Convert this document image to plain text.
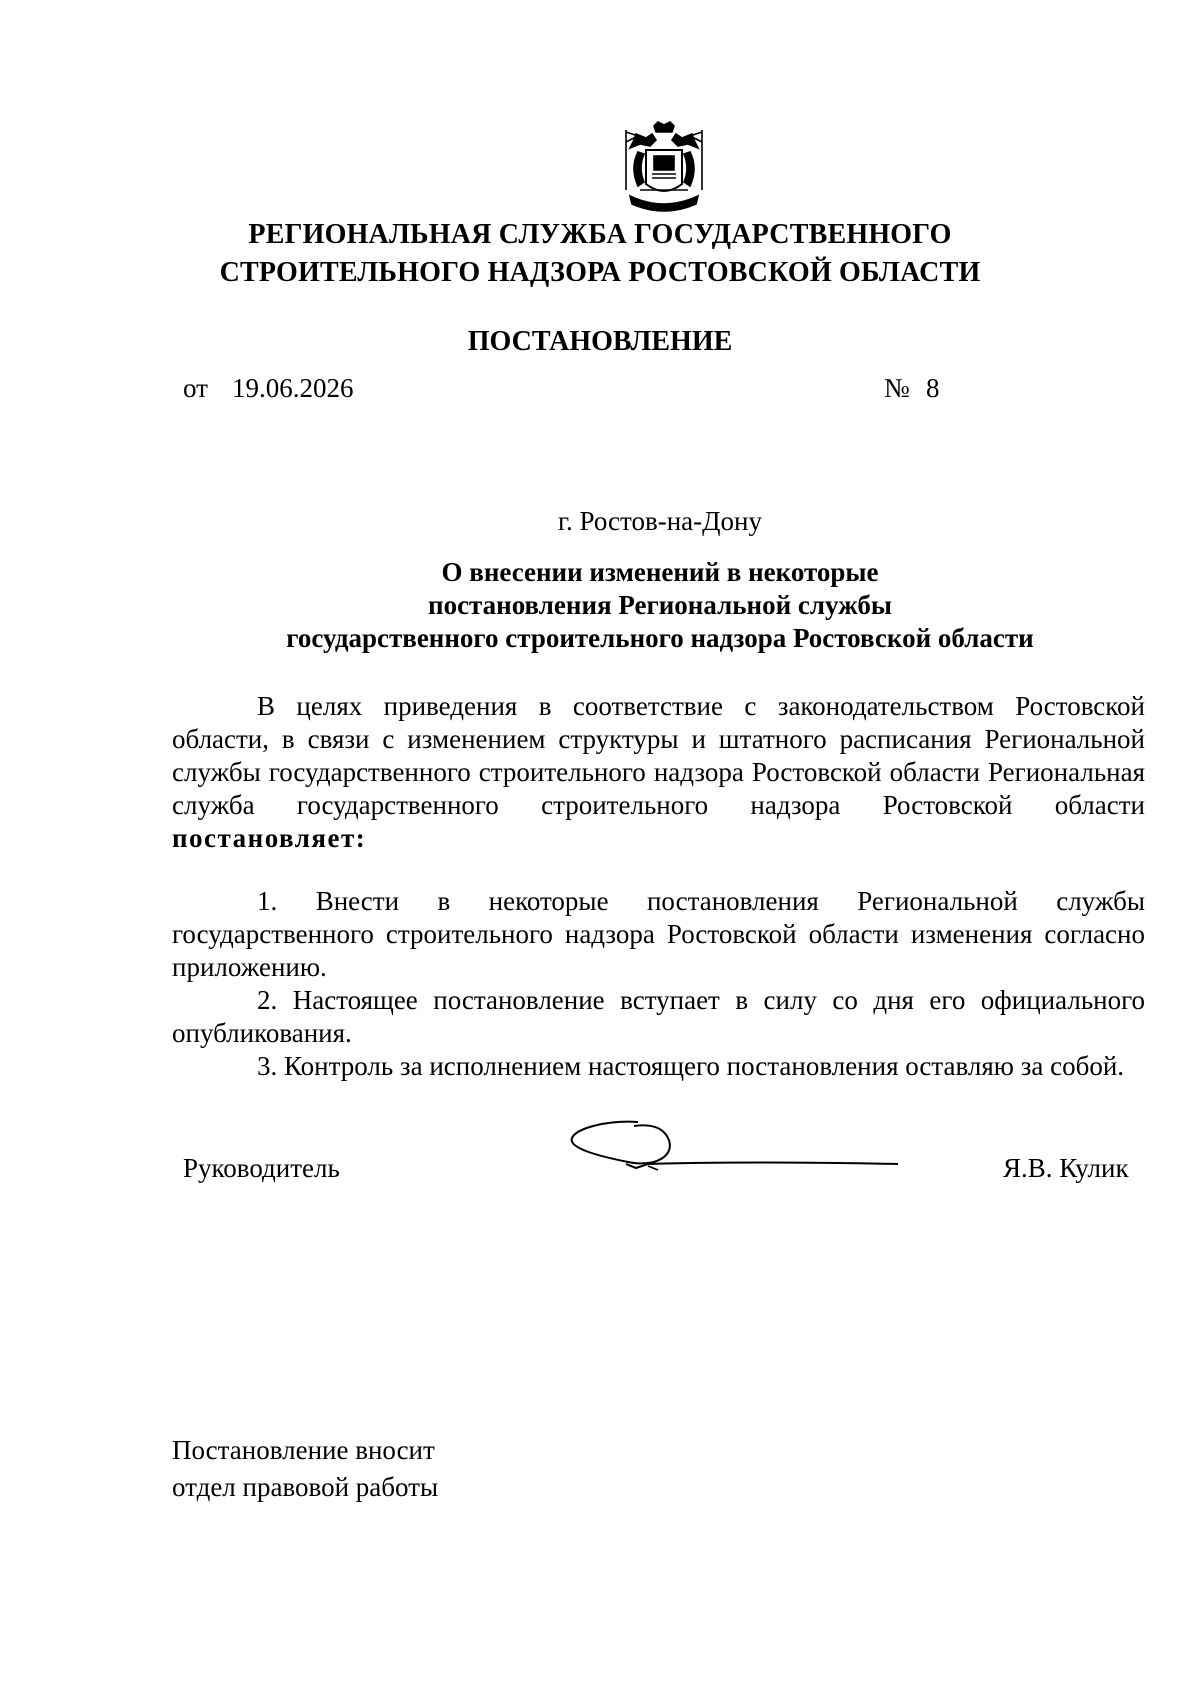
РЕГИОНАЛЬНАЯ СЛУЖБА ГОСУДАРСТВЕННОГО
СТРОИТЕЛЬНОГО НАДЗОРА РОСТОВСКОЙ ОБЛАСТИ
ПОСТАНОВЛЕНИЕ
от 19.06.2026	№ 8
г. Ростов-на-Дону
О внесении изменений в некоторые
постановления Региональной службы
государственного строительного надзора Ростовской области

В целях приведения в соответствие с законодательством Ростовской области, в связи с изменением структуры и штатного расписания Региональной службы государственного строительного надзора Ростовской области Региональная служба государственного строительного надзора Ростовской области постановляет:

1. Внести в некоторые постановления Региональной службы государственного строительного надзора Ростовской области изменения согласно приложению.

2. Настоящее постановление вступает в силу со дня его официального опубликования.

3. Контроль за исполнением настоящего постановления оставляю за собой.

Руководитель	Я.В. Кулик
Постановление вносит
отдел правовой работы
